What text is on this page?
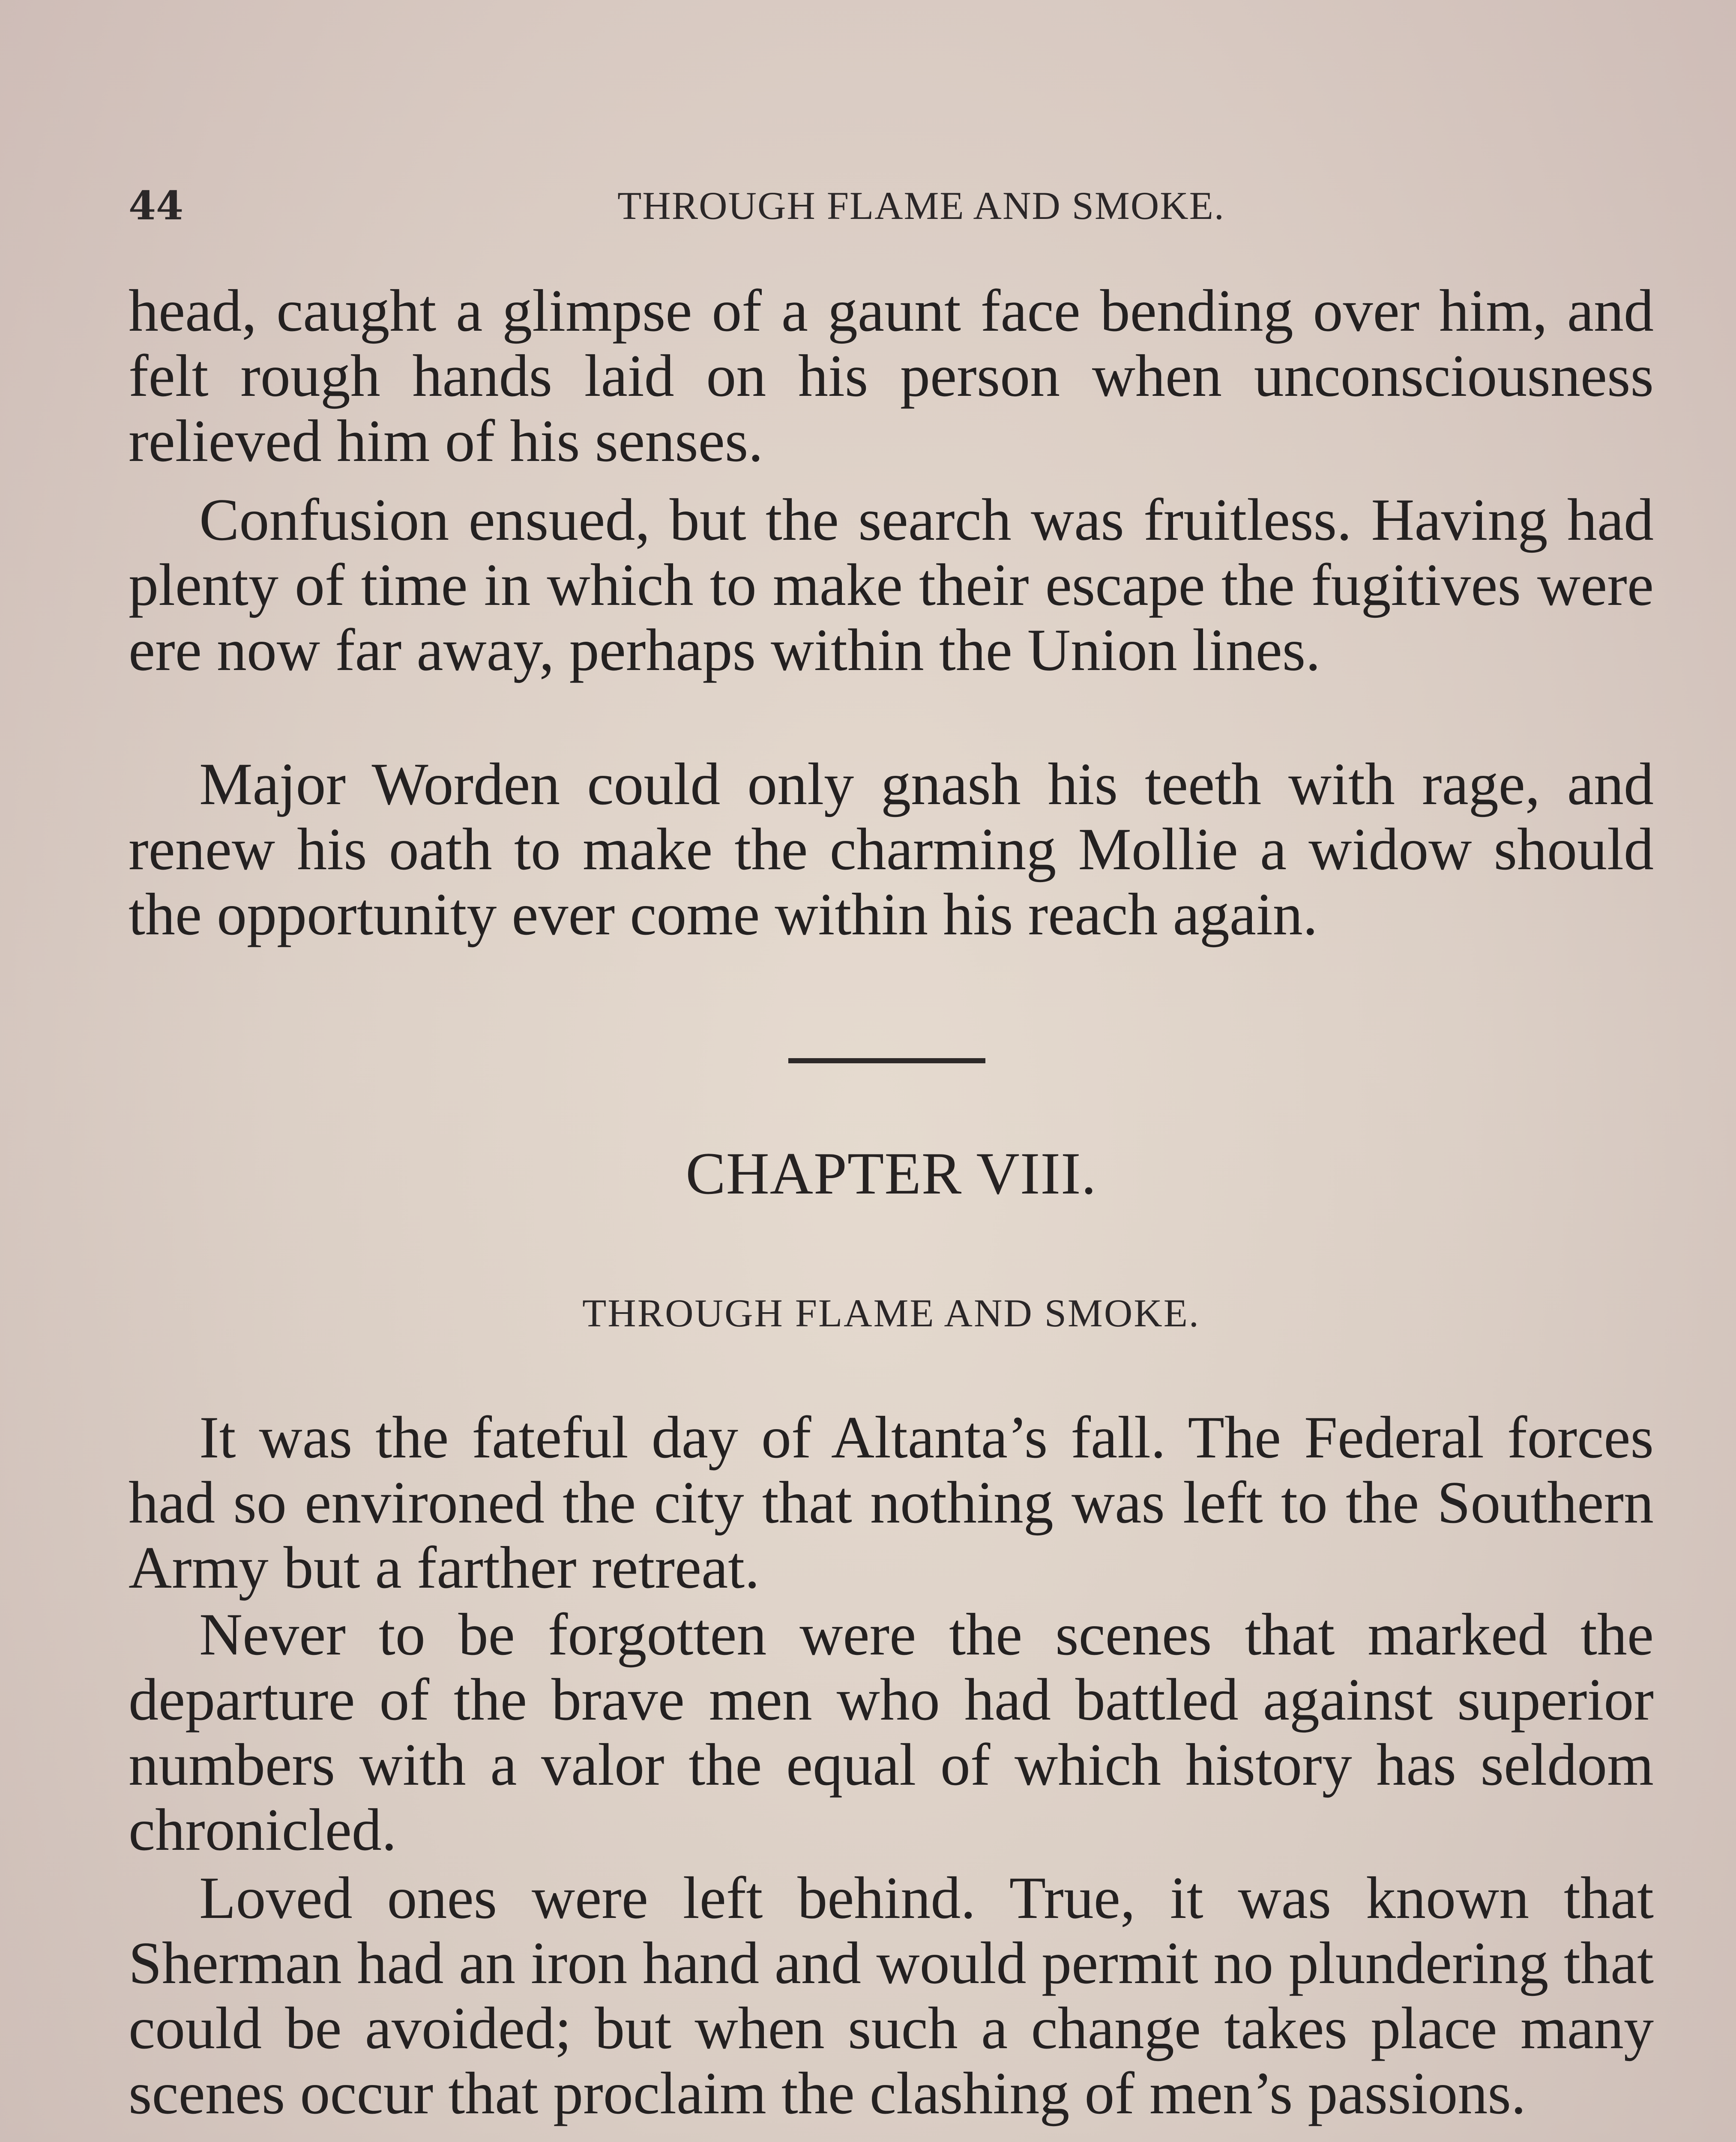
44	THROUGH FLAME AND SMOKE.

head, caught a glimpse of a gaunt face bending over him, and felt rough hands laid on his person when unconsciousness relieved him of his senses.

Confusion ensued, but the search was fruitless. Having had plenty of time in which to make their escape the fugitives were ere now far away, perhaps within the Union lines.

Major Worden could only gnash his teeth with rage, and renew his oath to make the charming Mollie a widow should the opportunity ever come within his reach again.

CHAPTER VIII.
THROUGH FLAME AND SMOKE.

It was the fateful day of Altanta’s fall. The Federal forces had so environed the city that nothing was left to the Southern Army but a farther retreat.

Never to be forgotten were the scenes that marked the departure of the brave men who had battled against superior numbers with a valor the equal of which history has seldom chronicled.

Loved ones were left behind. True, it was known that Sherman had an iron hand and would permit no plundering that could be avoided; but when such a change takes place many scenes occur that proclaim the clashing of men’s passions.
